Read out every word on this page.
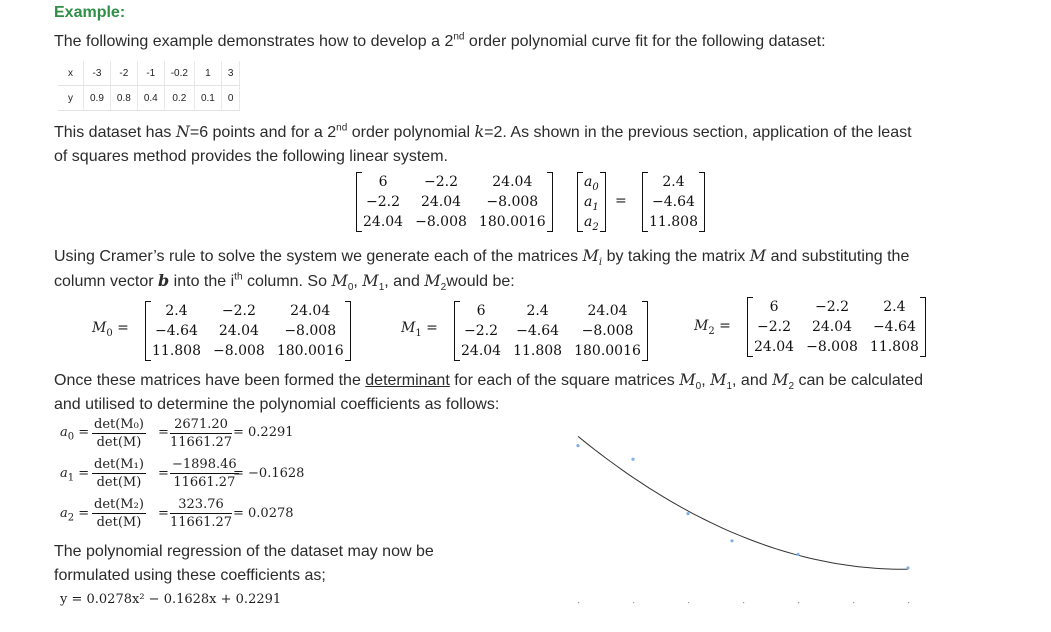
Example:
The following example demonstrates how to develop a 2nd order polynomial curve fit for the following dataset:
x	-3	-2	-1	-0.2	1	3
y	0.9	0.8	0.4	0.2	0.1	0
This dataset has N=6 points and for a 2nd order polynomial k=2. As shown in the previous section, application of the least
of squares method provides the following linear system.
6	−2.2	24.04
−2.2	24.04	−8.008
24.04	−8.008	180.0016
$a_0$
$a_1$
$a_2$
=
2.4
−4.64
11.808
Using Cramer’s rule to solve the system we generate each of the matrices $M_i$ by taking the matrix M and substituting the
column vector b into the $i^{th}$ column. So $M_0$, $M_1$, and $M_2would$ be:
$M_0$ =
2.4	−2.2	24.04
−4.64	24.04	−8.008
11.808	−8.008	180.0016
$M_1$ =
6	2.4	24.04
−2.2	−4.64	−8.008
24.04	11.808	180.0016
$M_2$ =
6	−2.2	2.4
−2.2	24.04	−4.64
24.04	−8.008	11.808
Once these matrices have been formed the determinant for each of the square matrices $M_0$, $M_1$, and $M_2$ can be calculated
and utilised to determine the polynomial coefficients as follows:
$a_0$ =
det(M₀)
det(M)
= $\frac{2671.20}{11661.27} = 0.2291$
$a_1$ =
det(M₁)
det(M)
= $\frac{-1898.46}{11661.27}$
= −0.1628
$a_2$ =
det(M₂)
det(M)
= $\frac{323.76}{11661.27} = 0.0278$
The polynomial regression of the dataset may now be
formulated using these coefficients as;
y = 0.0278x² − 0.1628x + 0.2291
